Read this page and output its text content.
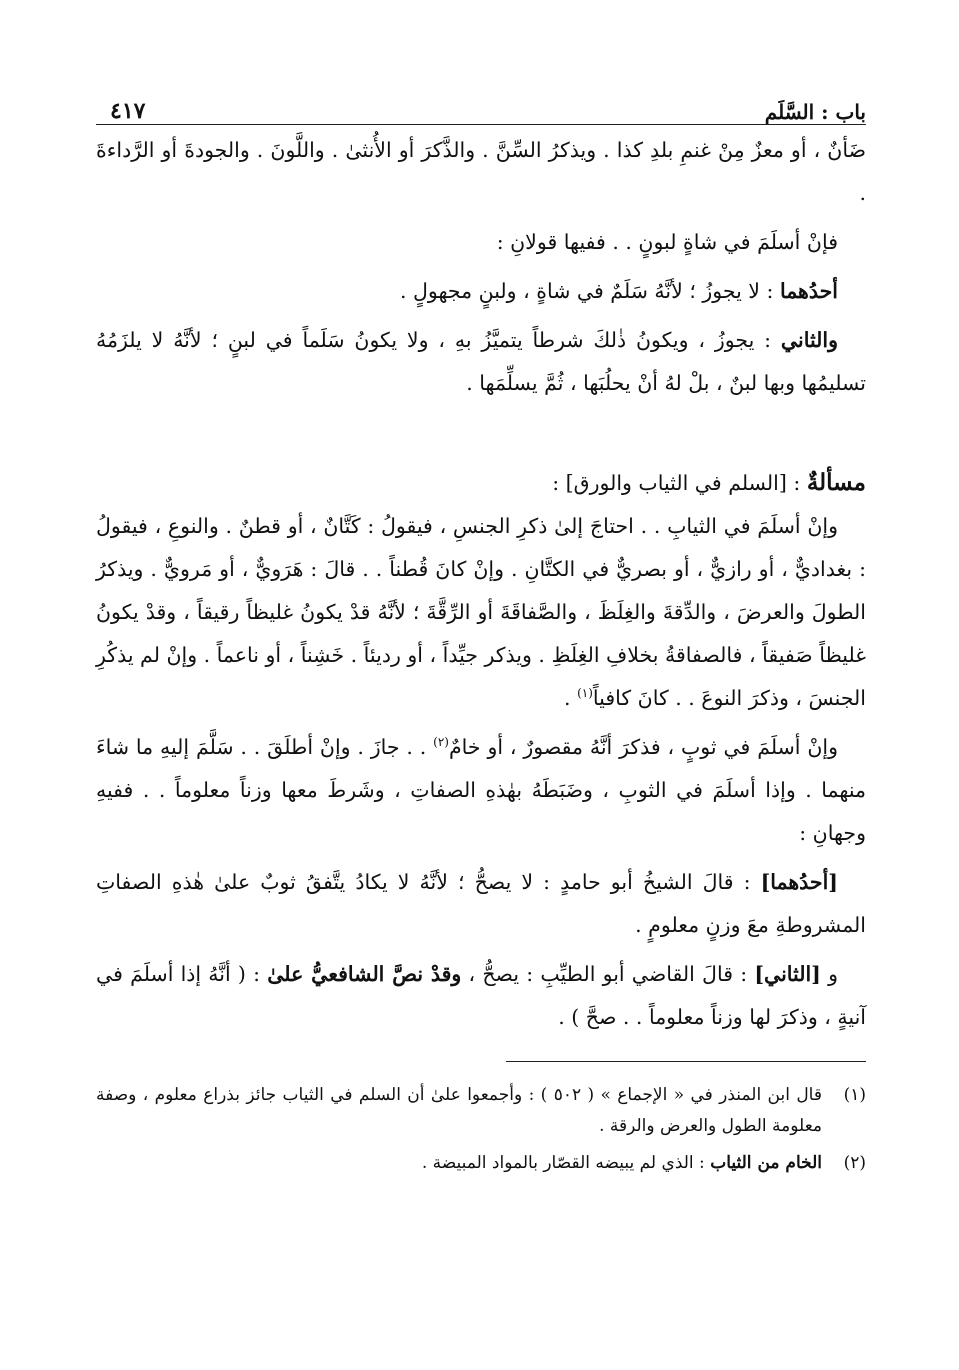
باب : السَّلَم
٤١٧

ضَأنٌ ، أو معزٌ مِنْ غنمِ بلدِ كذا . ويذكرُ السِّنَّ . والذَّكرَ أو الأُنثىٰ . واللَّونَ . والجودةَ أو الرَّداءةَ .

فإنْ أسلَمَ في شاةٍ لبونٍ . . ففيها قولانِ :

أحدُهما : لا يجوزُ ؛ لأنَّهُ سَلَمٌ في شاةٍ ، ولبنٍ مجهولٍ .

والثاني : يجوزُ ، ويكونُ ذٰلكَ شرطاً يتميَّزُ بهِ ، ولا يكونُ سَلَماً في لبنٍ ؛ لأنَّهُ لا يلزَمُهُ تسليمُها وبها لبنٌ ، بلْ لهُ أنْ يحلُبَها ، ثُمَّ يسلِّمَها .

مسألةٌ : [السلم في الثياب والورق] :

وإنْ أسلَمَ في الثيابِ . . احتاجَ إلىٰ ذكرِ الجنسِ ، فيقولُ : كَتَّانٌ ، أو قطنٌ . والنوعِ ، فيقولُ : بغداديٌّ ، أو رازيٌّ ، أو بصريٌّ في الكتَّانِ . وإنْ كانَ قُطناً . . قالَ : هَرَويٌّ ، أو مَرويٌّ . ويذكرُ الطولَ والعرضَ ، والدِّقةَ والغِلَظَ ، والصَّفاقَةَ أو الرِّقَّةَ ؛ لأنَّهُ قدْ يكونُ غليظاً رقيقاً ، وقدْ يكونُ غليظاً صَفيقاً ، فالصفاقةُ بخلافِ الغِلَظِ . ويذكر جيِّداً ، أو رديئاً . خَشِناً ، أو ناعماً . وإنْ لم يذكُرِ الجنسَ ، وذكرَ النوعَ . . كانَ كافياً$^{(١)}$ .

وإنْ أسلَمَ في ثوبٍ ، فذكرَ أنَّهُ مقصورٌ ، أو خامٌ$^{(٢)}$ . . جازَ . وإنْ أطلَقَ . . سَلَّمَ إليهِ ما شاءَ منهما . وإذا أسلَمَ في الثوبِ ، وضَبَطَهُ بهٰذهِ الصفاتِ ، وشَرطَ معها وزناً معلوماً . . ففيهِ وجهانِ :

[أحدُهما] : قالَ الشيخُ أبو حامدٍ : لا يصحُّ ؛ لأنَّهُ لا يكادُ يتَّفقُ ثوبٌ علىٰ هٰذهِ الصفاتِ المشروطةِ معَ وزنٍ معلومٍ .

و [الثاني] : قالَ القاضي أبو الطيِّبِ : يصحُّ ، وقدْ نصَّ الشافعيُّ علىٰ : ( أنَّهُ إذا أسلَمَ في آنيةٍ ، وذكرَ لها وزناً معلوماً . . صحَّ ) .

(١)
قال ابن المنذر في « الإجماع » ( ٥٠٢ ) : وأجمعوا علىٰ أن السلم في الثياب جائز بذراع معلوم ، وصفة معلومة الطول والعرض والرقة .
(٢)
الخام من الثياب : الذي لم يبيضه القصّار بالمواد المبيضة .
